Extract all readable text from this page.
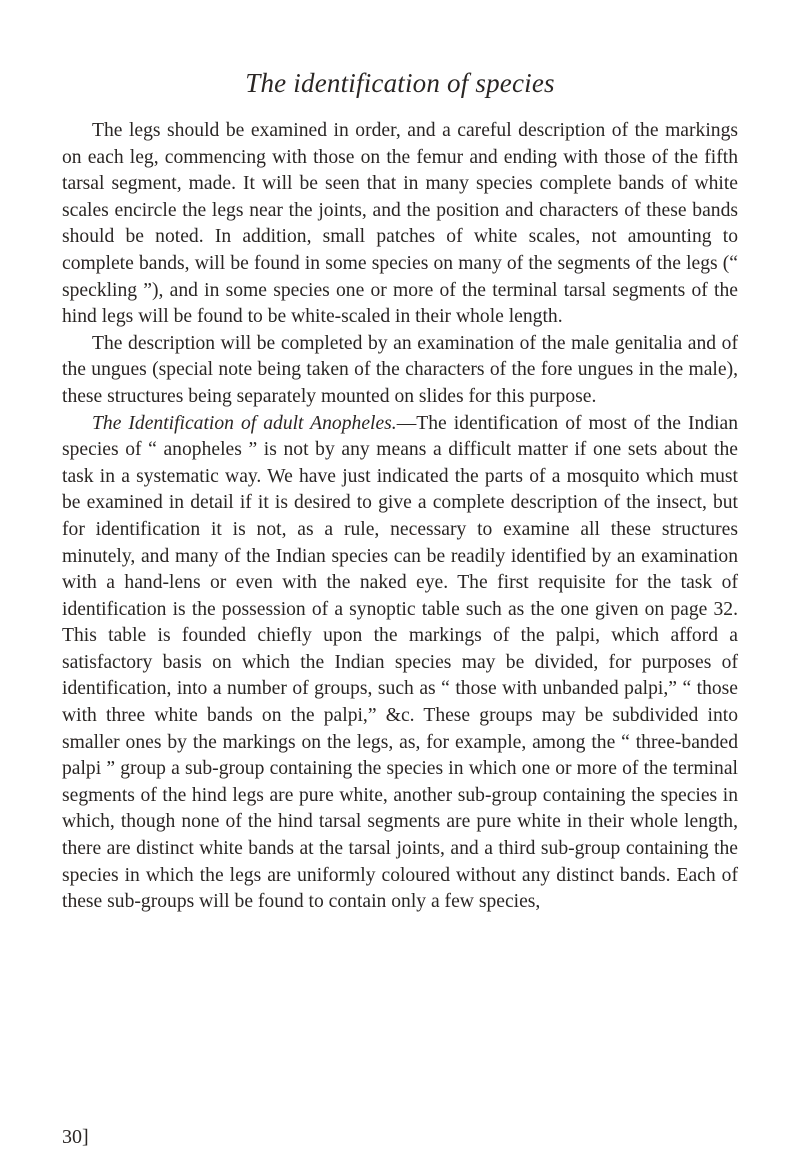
The identification of species

The legs should be examined in order, and a careful description of the markings on each leg, commencing with those on the femur and ending with those of the fifth tarsal segment, made. It will be seen that in many species complete bands of white scales encircle the legs near the joints, and the position and characters of these bands should be noted. In addition, small patches of white scales, not amounting to complete bands, will be found in some species on many of the segments of the legs (“ speckling ”), and in some species one or more of the terminal tarsal segments of the hind legs will be found to be white-scaled in their whole length.

The description will be completed by an examination of the male genitalia and of the ungues (special note being taken of the characters of the fore ungues in the male), these structures being separately mounted on slides for this purpose.

The Identification of adult Anopheles.—The identification of most of the Indian species of “ anopheles ” is not by any means a difficult matter if one sets about the task in a systematic way. We have just indicated the parts of a mosquito which must be examined in detail if it is desired to give a complete description of the insect, but for identification it is not, as a rule, necessary to examine all these structures minutely, and many of the Indian species can be readily identified by an examination with a hand-lens or even with the naked eye. The first requisite for the task of identification is the possession of a synoptic table such as the one given on page 32. This table is founded chiefly upon the markings of the palpi, which afford a satisfactory basis on which the Indian species may be divided, for purposes of identification, into a number of groups, such as “ those with unbanded palpi,” “ those with three white bands on the palpi,” &c. These groups may be subdivided into smaller ones by the markings on the legs, as, for example, among the “ three-banded palpi ” group a sub-group containing the species in which one or more of the terminal segments of the hind legs are pure white, another sub-group containing the species in which, though none of the hind tarsal segments are pure white in their whole length, there are distinct white bands at the tarsal joints, and a third sub-group containing the species in which the legs are uniformly coloured without any distinct bands. Each of these sub-groups will be found to contain only a few species,

30]
